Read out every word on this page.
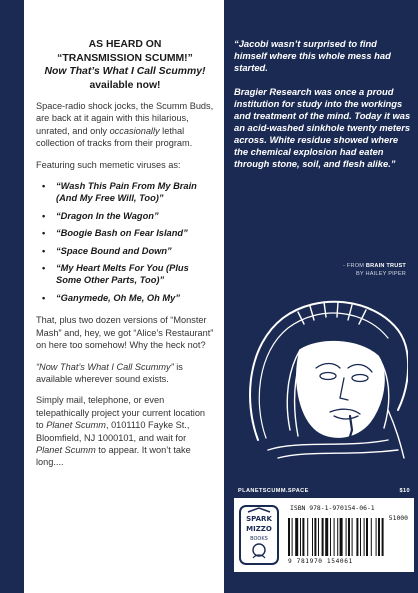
AS HEARD ON
“TRANSMISSION SCUMM!”
Now That’s What I Call Scummy!
available now!

Space-radio shock jocks, the Scumm Buds, are back at it again with this hilarious, unrated, and only occasionally lethal collection of tracks from their program.

Featuring such memetic viruses as:

• “Wash This Pain From My Brain (And My Free Will, Too)”
• “Dragon In the Wagon”
• “Boogie Bash on Fear Island”
• “Space Bound and Down”
• “My Heart Melts For You (Plus Some Other Parts, Too)”
• “Ganymede, Oh Me, Oh My”

That, plus two dozen versions of “Monster Mash” and, hey, we got “Alice’s Restaurant” on here too somehow! Why the heck not?

“Now That’s What I Call Scummy” is available wherever sound exists.

Simply mail, telephone, or even telepathically project your current location to Planet Scumm, 0101110 Fayke St., Bloomfield, NJ 1000101, and wait for Planet Scumm to appear. It won’t take long....

“Jacobi wasn’t surprised to find himself where this whole mess had started.

Bragier Research was once a proud institution for study into the workings and treatment of the mind. Today it was an acid-washed sinkhole twenty meters across. White residue showed where the chemical explosion had eaten through stone, soil, and flesh alike.”

- FROM BRAIN TRUST
BY HAILEY PIPER
PLANETSCUMM.SPACE	$10
SPARK
MIZZO
BOOKS
ISBN 978-1-970154-06-1
51000
9 781970 154061
